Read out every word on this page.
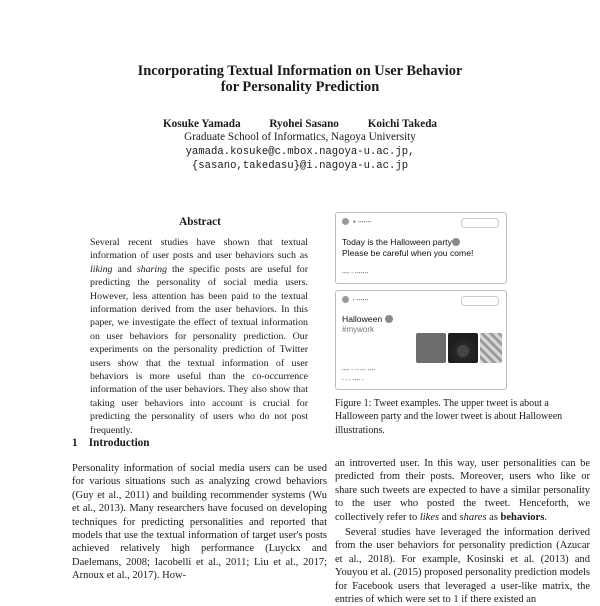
Incorporating Textual Information on User Behavior
for Personality Prediction
Kosuke Yamada	Ryohei Sasano	Koichi Takeda
Graduate School of Informatics, Nagoya University
yamada.kosuke@c.mbox.nagoya-u.ac.jp,
{sasano,takedasu}@i.nagoya-u.ac.jp
Abstract
Several recent studies have shown that textual information of user posts and user behaviors such as liking and sharing the specific posts are useful for predicting the personality of social media users. However, less attention has been paid to the textual information derived from the user behaviors. In this paper, we investigate the effect of textual information on user behaviors for personality prediction. Our experiments on the personality prediction of Twitter users show that the textual information of user behaviors is more useful than the co-occurrence information of the user behaviors. They also show that taking user behaviors into account is crucial for predicting the personality of users who do not post frequently.
1    Introduction
Personality information of social media users can be used for various situations such as analyzing crowd behaviors (Guy et al., 2011) and building recommender systems (Wu et al., 2013). Many researchers have focused on developing techniques for predicting personalities and reported that models that use the textual information of target user's posts achieved relatively high performance (Luyckx and Daelemans, 2008; Iacobelli et al., 2011; Liu et al., 2017; Arnoux et al., 2017). How-
■ ▪▪▪▪▪▪▪
Today is the Halloween party
Please be careful when you come!
▪▪▪▪ ▪ ▪▪▪▪▪▪▪
▪ ▪▪▪▪▪▪
Halloween
#mywork
▪▪▪▪ ▪ ▪▪ ▪▪▪ ▪▪▪▪
▪ ▪ ▪ ▪▪▪▪ ▪
Figure 1: Tweet examples. The upper tweet is about a Halloween party and the lower tweet is about Halloween illustrations.

an introverted user. In this way, user personalities can be predicted from their posts. Moreover, users who like or share such tweets are expected to have a similar personality to the user who posted the tweet. Henceforth, we collectively refer to likes and shares as behaviors.

Several studies have leveraged the information derived from the user behaviors for personality prediction (Azucar et al., 2018). For example, Kosinski et al. (2013) and Youyou et al. (2015) proposed personality prediction models for Facebook users that leveraged a user-like matrix, the entries of which were set to 1 if there existed an
